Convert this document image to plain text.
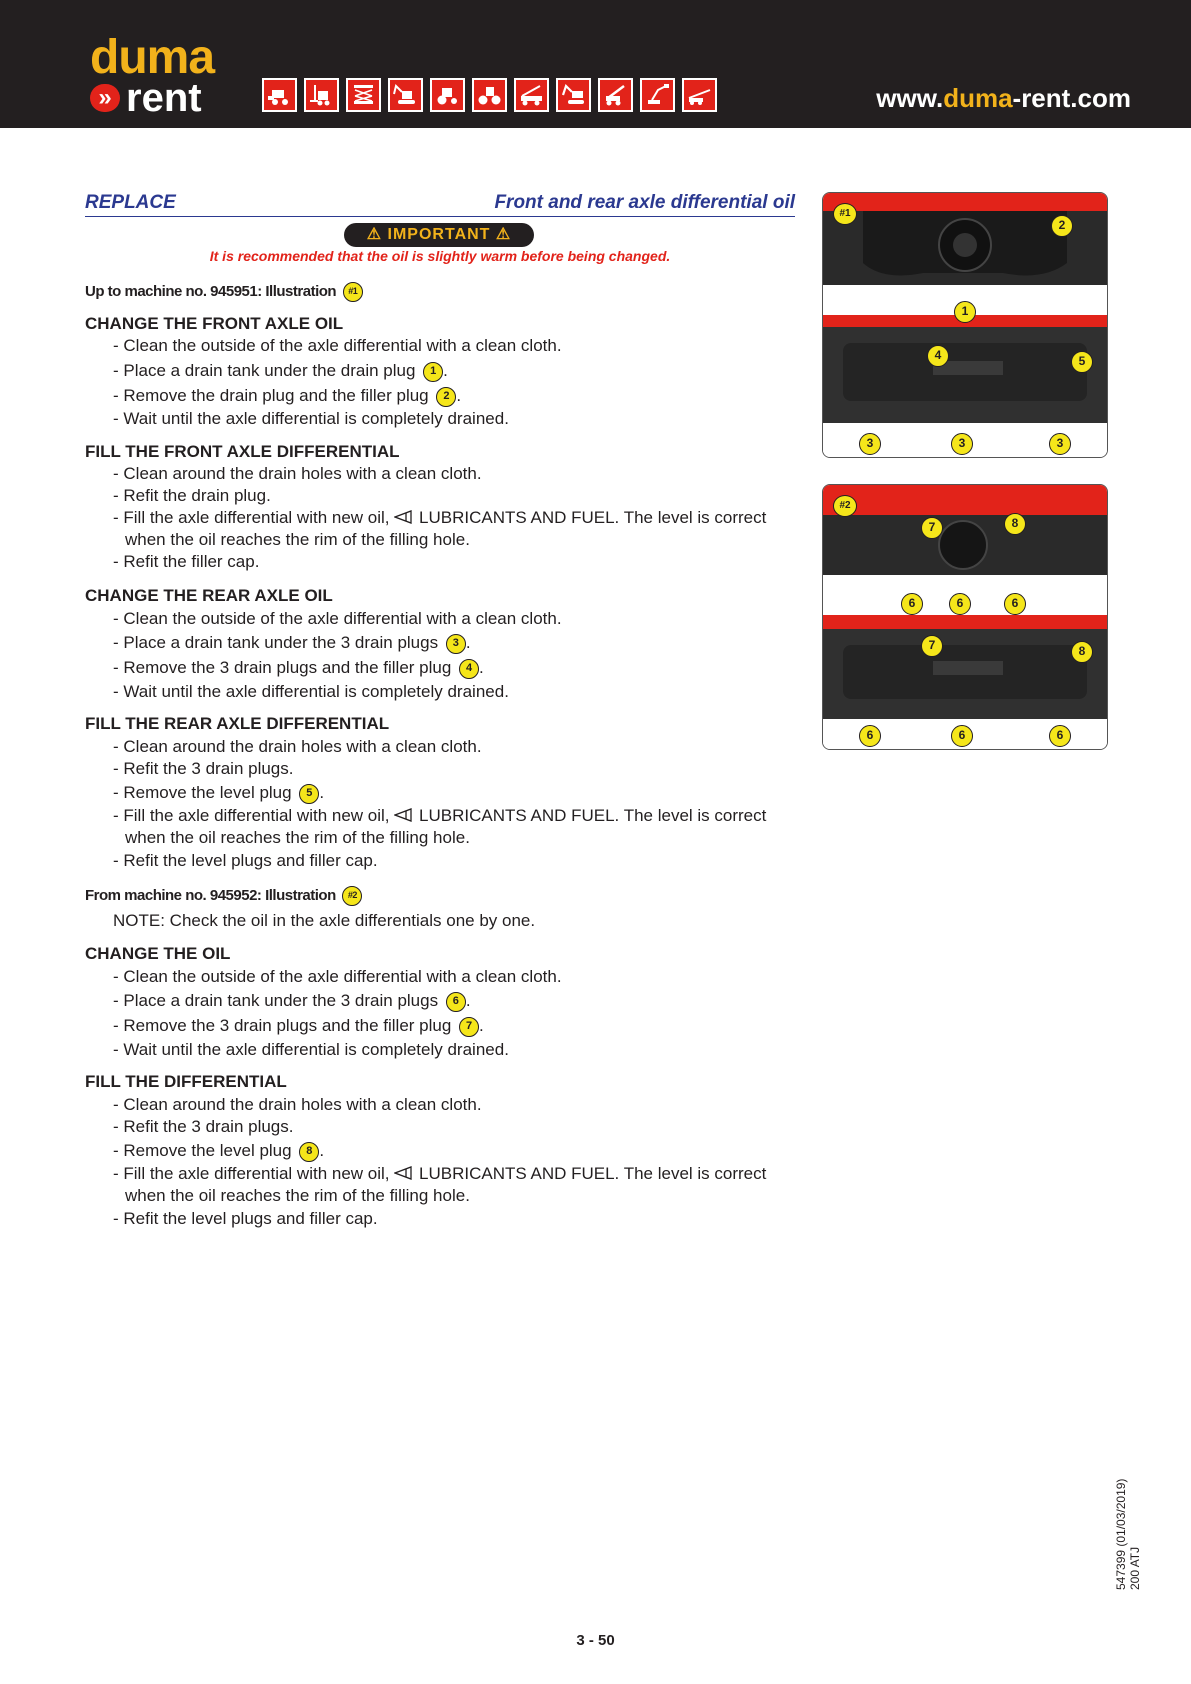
duma
» rent	www.duma-rent.com
REPLACE	Front and rear axle differential oil
⚠ IMPORTANT ⚠
It is recommended that the oil is slightly warm before being changed.
Up to machine no. 945951: Illustration #1
CHANGE THE FRONT AXLE OIL
- Clean the outside of the axle differential with a clean cloth.
- Place a drain tank under the drain plug 1 .
- Remove the drain plug and the filler plug 2 .
- Wait until the axle differential is completely drained.
FILL THE FRONT AXLE DIFFERENTIAL
- Clean around the drain holes with a clean cloth.
- Refit the drain plug.
- Fill the axle differential with new oil, LUBRICANTS AND FUEL. The level is correct
when the oil reaches the rim of the filling hole.
- Refit the filler cap.
CHANGE THE REAR AXLE OIL
- Clean the outside of the axle differential with a clean cloth.
- Place a drain tank under the 3 drain plugs 3 .
- Remove the 3 drain plugs and the filler plug 4 .
- Wait until the axle differential is completely drained.
FILL THE REAR AXLE DIFFERENTIAL
- Clean around the drain holes with a clean cloth.
- Refit the 3 drain plugs.
- Remove the level plug 5 .
- Fill the axle differential with new oil, LUBRICANTS AND FUEL. The level is correct
when the oil reaches the rim of the filling hole.
- Refit the level plugs and filler cap.
From machine no. 945952: Illustration #2
NOTE: Check the oil in the axle differentials one by one.
CHANGE THE OIL
- Clean the outside of the axle differential with a clean cloth.
- Place a drain tank under the 3 drain plugs 6 .
- Remove the 3 drain plugs and the filler plug 7 .
- Wait until the axle differential is completely drained.
FILL THE DIFFERENTIAL
- Clean around the drain holes with a clean cloth.
- Refit the 3 drain plugs.
- Remove the level plug 8 .
- Fill the axle differential with new oil, LUBRICANTS AND FUEL. The level is correct
when the oil reaches the rim of the filling hole.
- Refit the level plugs and filler cap.
#1
2
1
4	5
3	3	3
#2
7	8
6	6	6
7	8
6	6	6
3 - 50
547399 (01/03/2019) 200 ATJ
